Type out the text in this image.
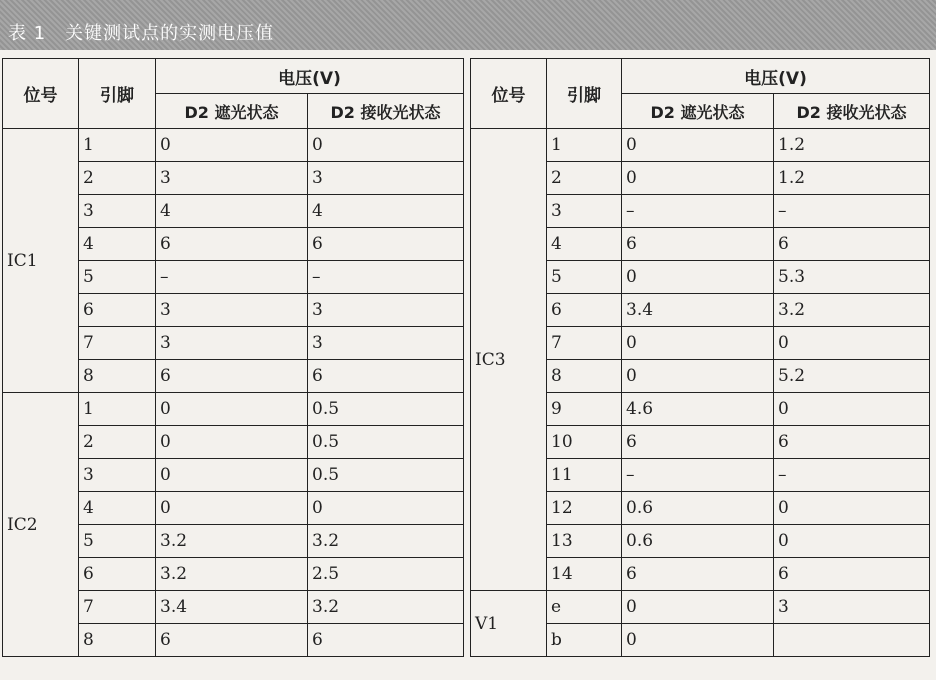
表 1　关键测试点的实测电压值
位号	引脚	电压(V)	
		D2 遮光状态	D2 接收光状态
IC1	1	0	0
	2	3	3
	3	4	4
	4	6	6
	5	–	–
	6	3	3
	7	3	3
	8	6	6
IC2	1	0	0.5
	2	0	0.5
	3	0	0.5
	4	0	0
	5	3.2	3.2
	6	3.2	2.5
	7	3.4	3.2
	8	6	6
位号	引脚	电压(V)	
		D2 遮光状态	D2 接收光状态
IC3	1	0	1.2
	2	0	1.2
	3	–	–
	4	6	6
	5	0	5.3
	6	3.4	3.2
	7	0	0
	8	0	5.2
	9	4.6	0
	10	6	6
	11	–	–
	12	0.6	0
	13	0.6	0
	14	6	6
V1	e	0	3
	b	0	
